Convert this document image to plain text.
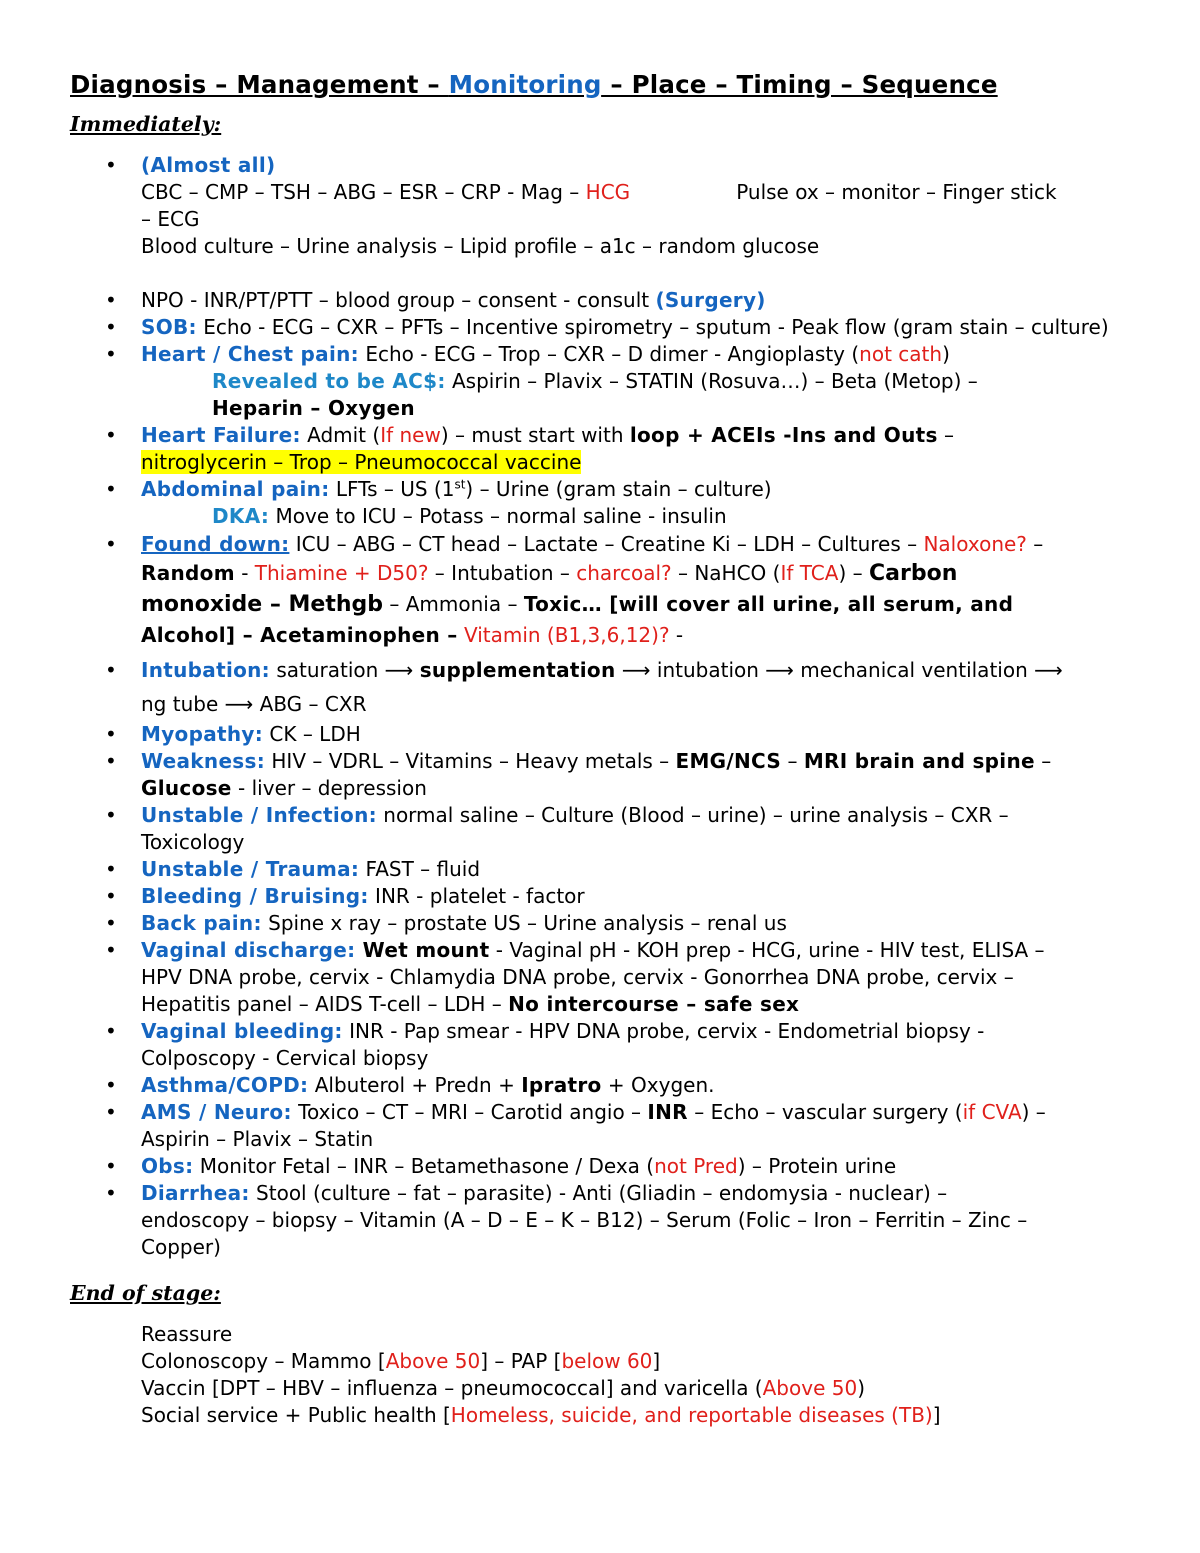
Diagnosis – Management – Monitoring – Place – Timing – Sequence
Immediately:
• (Almost all)
CBC – CMP – TSH – ABG – ESR – CRP - Mag – HCG	Pulse ox – monitor – Finger stick
– ECG
Blood culture – Urine analysis – Lipid profile – a1c – random glucose
• NPO - INR/PT/PTT – blood group – consent - consult (Surgery)
• SOB: Echo - ECG – CXR – PFTs – Incentive spirometry – sputum - Peak flow (gram stain – culture)
• Heart / Chest pain: Echo - ECG – Trop – CXR – D dimer - Angioplasty (not cath)
Revealed to be AC$: Aspirin – Plavix – STATIN (Rosuva…) – Beta (Metop) –
Heparin – Oxygen
• Heart Failure: Admit (If new) – must start with loop + ACEIs -Ins and Outs –
nitroglycerin – Trop – Pneumococcal vaccine
• Abdominal pain: LFTs – US (1st) – Urine (gram stain – culture)
DKA: Move to ICU – Potass – normal saline - insulin
• Found down: ICU – ABG – CT head – Lactate – Creatine Ki – LDH – Cultures – Naloxone? –
Random - Thiamine + D50? – Intubation – charcoal? – NaHCO (If TCA) – Carbon
monoxide – Methgb – Ammonia – Toxic… [will cover all urine, all serum, and
Alcohol] – Acetaminophen – Vitamin (B1,3,6,12)? -
• Intubation: saturation ⟶ supplementation ⟶ intubation ⟶ mechanical ventilation ⟶
ng tube ⟶ ABG – CXR
• Myopathy: CK – LDH
• Weakness: HIV – VDRL – Vitamins – Heavy metals – EMG/NCS – MRI brain and spine –
Glucose - liver – depression
• Unstable / Infection: normal saline – Culture (Blood – urine) – urine analysis – CXR –
Toxicology
• Unstable / Trauma: FAST – fluid
• Bleeding / Bruising: INR - platelet - factor
• Back pain: Spine x ray – prostate US – Urine analysis – renal us
• Vaginal discharge: Wet mount - Vaginal pH - KOH prep - HCG, urine - HIV test, ELISA –
HPV DNA probe, cervix - Chlamydia DNA probe, cervix - Gonorrhea DNA probe, cervix –
Hepatitis panel – AIDS T-cell – LDH – No intercourse – safe sex
• Vaginal bleeding: INR - Pap smear - HPV DNA probe, cervix - Endometrial biopsy -
Colposcopy - Cervical biopsy
• Asthma/COPD: Albuterol + Predn + Ipratro + Oxygen.
• AMS / Neuro: Toxico – CT – MRI – Carotid angio – INR – Echo – vascular surgery (if CVA) –
Aspirin – Plavix – Statin
• Obs: Monitor Fetal – INR – Betamethasone / Dexa (not Pred) – Protein urine
• Diarrhea: Stool (culture – fat – parasite) - Anti (Gliadin – endomysia - nuclear) –
endoscopy – biopsy – Vitamin (A – D – E – K – B12) – Serum (Folic – Iron – Ferritin – Zinc –
Copper)
End of stage:
Reassure
Colonoscopy – Mammo [Above 50] – PAP [below 60]
Vaccin [DPT – HBV – influenza – pneumococcal] and varicella (Above 50)
Social service + Public health [Homeless, suicide, and reportable diseases (TB)]
